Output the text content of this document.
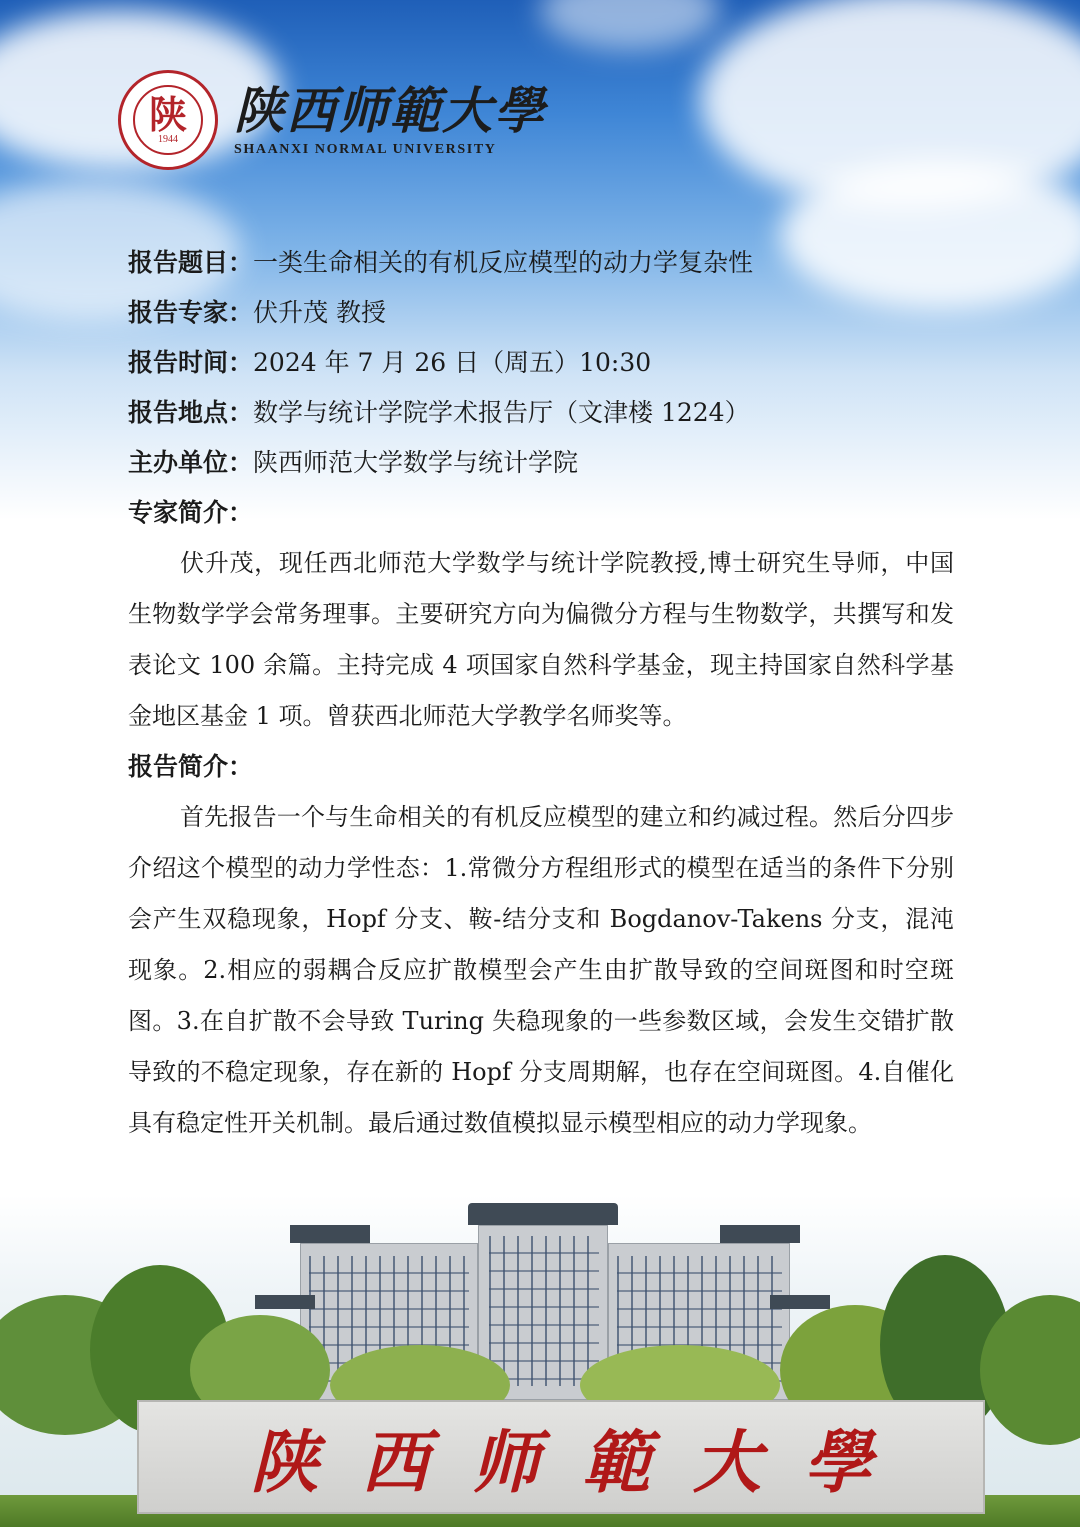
陕
1944 陕西师範大學
SHAANXI NORMAL UNIVERSITY
报告题目：一类生命相关的有机反应模型的动力学复杂性
报告专家：伏升茂 教授
报告时间：2024 年 7 月 26 日（周五）10:30
报告地点：数学与统计学院学术报告厅（文津楼 1224）
主办单位：陕西师范大学数学与统计学院
专家简介：

伏升茂，现任西北师范大学数学与统计学院教授,博士研究生导师，中国生物数学学会常务理事。主要研究方向为偏微分方程与生物数学，共撰写和发表论文 100 余篇。主持完成 4 项国家自然科学基金，现主持国家自然科学基金地区基金 1 项。曾获西北师范大学教学名师奖等。

报告简介：

首先报告一个与生命相关的有机反应模型的建立和约减过程。然后分四步介绍这个模型的动力学性态：1.常微分方程组形式的模型在适当的条件下分别会产生双稳现象，Hopf 分支、鞍-结分支和 Bogdanov-Takens 分支，混沌现象。2.相应的弱耦合反应扩散模型会产生由扩散导致的空间斑图和时空斑图。3.在自扩散不会导致 Turing 失稳现象的一些参数区域，会发生交错扩散导致的不稳定现象，存在新的 Hopf 分支周期解，也存在空间斑图。4.自催化具有稳定性开关机制。最后通过数值模拟显示模型相应的动力学现象。

陕 西 师 範 大 學
